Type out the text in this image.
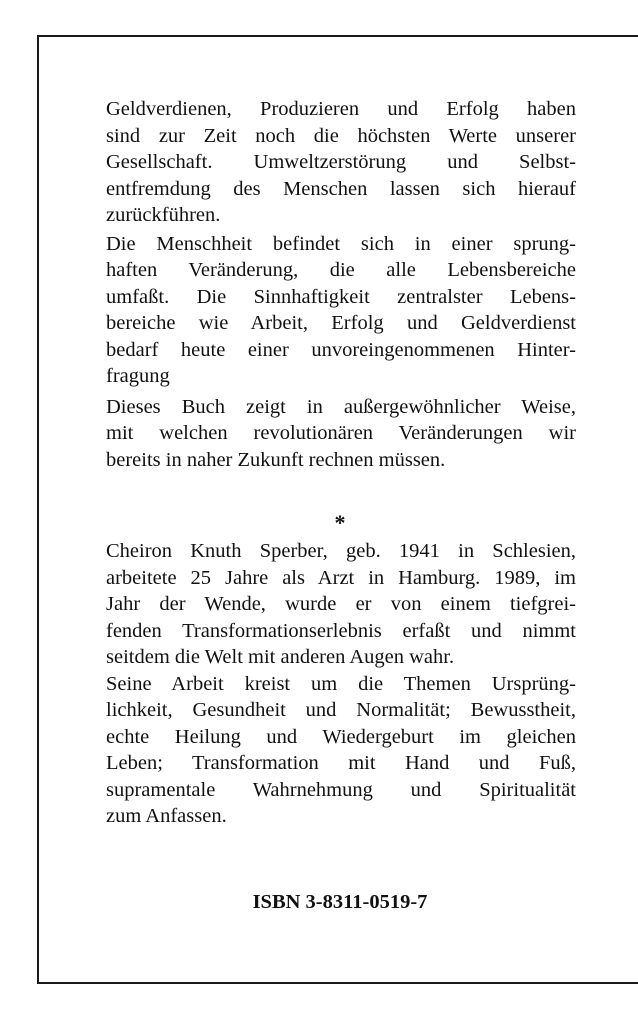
Geldverdienen, Produzieren und Erfolg haben
sind zur Zeit noch die höchsten Werte unserer
Gesellschaft. Umweltzerstörung und Selbst-
entfremdung des Menschen lassen sich hierauf
zurückführen.
Die Menschheit befindet sich in einer sprung-
haften Veränderung, die alle Lebensbereiche
umfaßt. Die Sinnhaftigkeit zentralster Lebens-
bereiche wie Arbeit, Erfolg und Geldverdienst
bedarf heute einer unvoreingenommenen Hinter-
fragung
Dieses Buch zeigt in außergewöhnlicher Weise,
mit welchen revolutionären Veränderungen wir
bereits in naher Zukunft rechnen müssen.
*
Cheiron Knuth Sperber, geb. 1941 in Schlesien,
arbeitete 25 Jahre als Arzt in Hamburg. 1989, im
Jahr der Wende, wurde er von einem tiefgrei-
fenden Transformationserlebnis erfaßt und nimmt
seitdem die Welt mit anderen Augen wahr.
Seine Arbeit kreist um die Themen Ursprüng-
lichkeit, Gesundheit und Normalität; Bewusstheit,
echte Heilung und Wiedergeburt im gleichen
Leben; Transformation mit Hand und Fuß,
supramentale Wahrnehmung und Spiritualität
zum Anfassen.
ISBN 3-8311-0519-7
